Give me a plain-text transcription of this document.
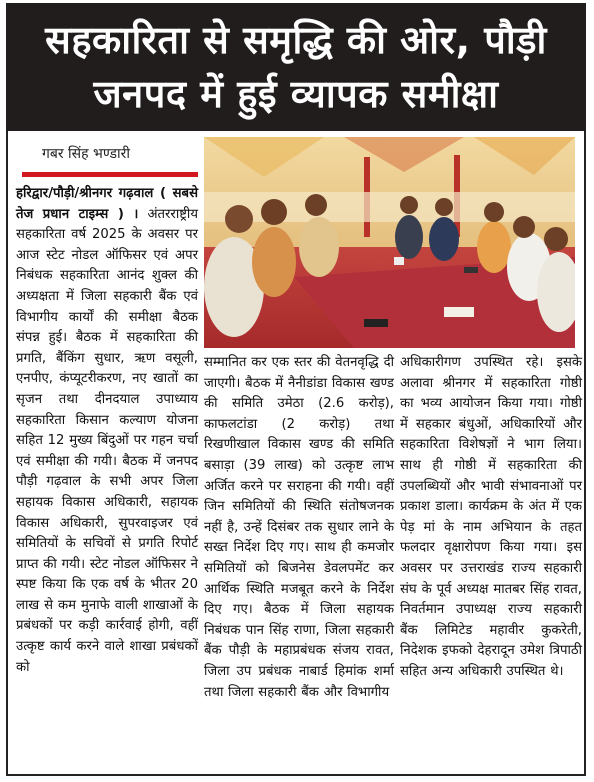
सहकारिता से समृद्धि की ओर, पौड़ी
जनपद में हुई व्यापक समीक्षा
गबर सिंह भण्डारी
हरिद्वार/पौड़ी/श्रीनगर गढ़वाल ( सबसे तेज प्रधान टाइम्स ) । अंतरराष्ट्रीय सहकारिता वर्ष 2025 के अवसर पर आज स्टेट नोडल ऑफिसर एवं अपर निबंधक सहकारिता आनंद शुक्ल की अध्यक्षता में जिला सहकारी बैंक एवं विभागीय कार्यों की समीक्षा बैठक संपन्न हुई। बैठक में सहकारिता की प्रगति, बैंकिंग सुधार, ऋण वसूली, एनपीए, कंप्यूटरीकरण, नए खातों का सृजन तथा दीनदयाल उपाध्याय सहकारिता किसान कल्याण योजना सहित 12 मुख्य बिंदुओं पर गहन चर्चा एवं समीक्षा की गयी। बैठक में जनपद पौड़ी गढ़वाल के सभी अपर जिला सहायक विकास अधिकारी, सहायक विकास अधिकारी, सुपरवाइजर एवं समितियों के सचिवों से प्रगति रिपोर्ट प्राप्त की गयी। स्टेट नोडल ऑफिसर ने स्पष्ट किया कि एक वर्ष के भीतर 20 लाख से कम मुनाफे वाली शाखाओं के प्रबंधकों पर कड़ी कार्रवाई होगी, वहीं उत्कृष्ट कार्य करने वाले शाखा प्रबंधकों को
सम्मानित कर एक स्तर की वेतनवृद्धि दी जाएगी। बैठक में नैनीडांडा विकास खण्ड की समिति उमेठा (2.6 करोड़), काफलटांडा (2 करोड़) तथा रिखणीखाल विकास खण्ड की समिति बसाड़ा (39 लाख) को उत्कृष्ट लाभ अर्जित करने पर सराहना की गयी। वहीं जिन समितियों की स्थिति संतोषजनक नहीं है, उन्हें दिसंबर तक सुधार लाने के सख्त निर्देश दिए गए। साथ ही कमजोर समितियों को बिजनेस डेवलपमेंट कर आर्थिक स्थिति मजबूत करने के निर्देश दिए गए। बैठक में जिला सहायक निबंधक पान सिंह राणा, जिला सहकारी बैंक पौड़ी के महाप्रबंधक संजय रावत, जिला उप प्रबंधक नाबार्ड हिमांक शर्मा तथा जिला सहकारी बैंक और विभागीय
अधिकारीगण उपस्थित रहे। इसके अलावा श्रीनगर में सहकारिता गोष्ठी का भव्य आयोजन किया गया। गोष्ठी में सहकार बंधुओं, अधिकारियों और सहकारिता विशेषज्ञों ने भाग लिया। साथ ही गोष्ठी में सहकारिता की उपलब्धियों और भावी संभावनाओं पर प्रकाश डाला। कार्यक्रम के अंत में एक पेड़ मां के नाम अभियान के तहत फलदार वृक्षारोपण किया गया। इस अवसर पर उत्तराखंड राज्य सहकारी संघ के पूर्व अध्यक्ष मातबर सिंह रावत, निवर्तमान उपाध्यक्ष राज्य सहकारी बैंक लिमिटेड महावीर कुकरेती, निदेशक इफको देहरादून उमेश त्रिपाठी सहित अन्य अधिकारी उपस्थित थे।
